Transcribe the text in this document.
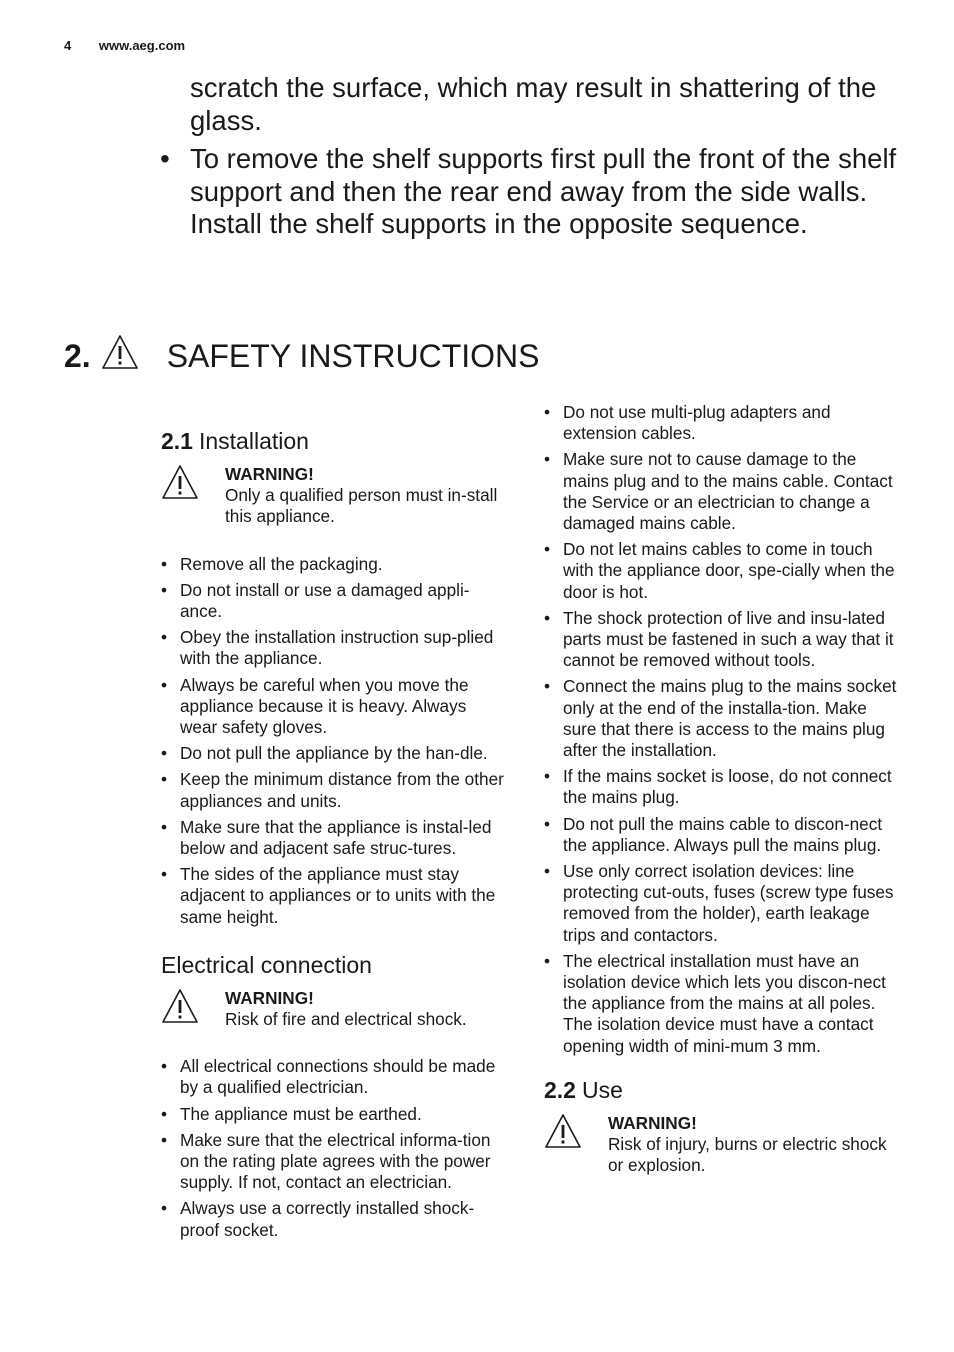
4 www.aeg.com

scratch the surface, which may result in shattering of the glass.

• To remove the shelf supports first pull the front of the shelf support and then the rear end away from the side walls. Install the shelf supports in the opposite sequence.
2. SAFETY INSTRUCTIONS
2.1 Installation
WARNING!
Only a qualified person must in-stall this appliance.
• Remove all the packaging.
• Do not install or use a damaged appli-ance.
• Obey the installation instruction sup-plied with the appliance.
• Always be careful when you move the appliance because it is heavy. Always wear safety gloves.
• Do not pull the appliance by the han-dle.
• Keep the minimum distance from the other appliances and units.
• Make sure that the appliance is instal-led below and adjacent safe struc-tures.
• The sides of the appliance must stay adjacent to appliances or to units with the same height.
Electrical connection
WARNING!
Risk of fire and electrical shock.
• All electrical connections should be made by a qualified electrician.
• The appliance must be earthed.
• Make sure that the electrical informa-tion on the rating plate agrees with the power supply. If not, contact an electrician.
• Always use a correctly installed shock-proof socket.
• Do not use multi-plug adapters and extension cables.
• Make sure not to cause damage to the mains plug and to the mains cable. Contact the Service or an electrician to change a damaged mains cable.
• Do not let mains cables to come in touch with the appliance door, spe-cially when the door is hot.
• The shock protection of live and insu-lated parts must be fastened in such a way that it cannot be removed without tools.
• Connect the mains plug to the mains socket only at the end of the installa-tion. Make sure that there is access to the mains plug after the installation.
• If the mains socket is loose, do not connect the mains plug.
• Do not pull the mains cable to discon-nect the appliance. Always pull the mains plug.
• Use only correct isolation devices: line protecting cut-outs, fuses (screw type fuses removed from the holder), earth leakage trips and contactors.
• The electrical installation must have an isolation device which lets you discon-nect the appliance from the mains at all poles. The isolation device must have a contact opening width of mini-mum 3 mm.
2.2 Use
WARNING!
Risk of injury, burns or electric shock or explosion.
